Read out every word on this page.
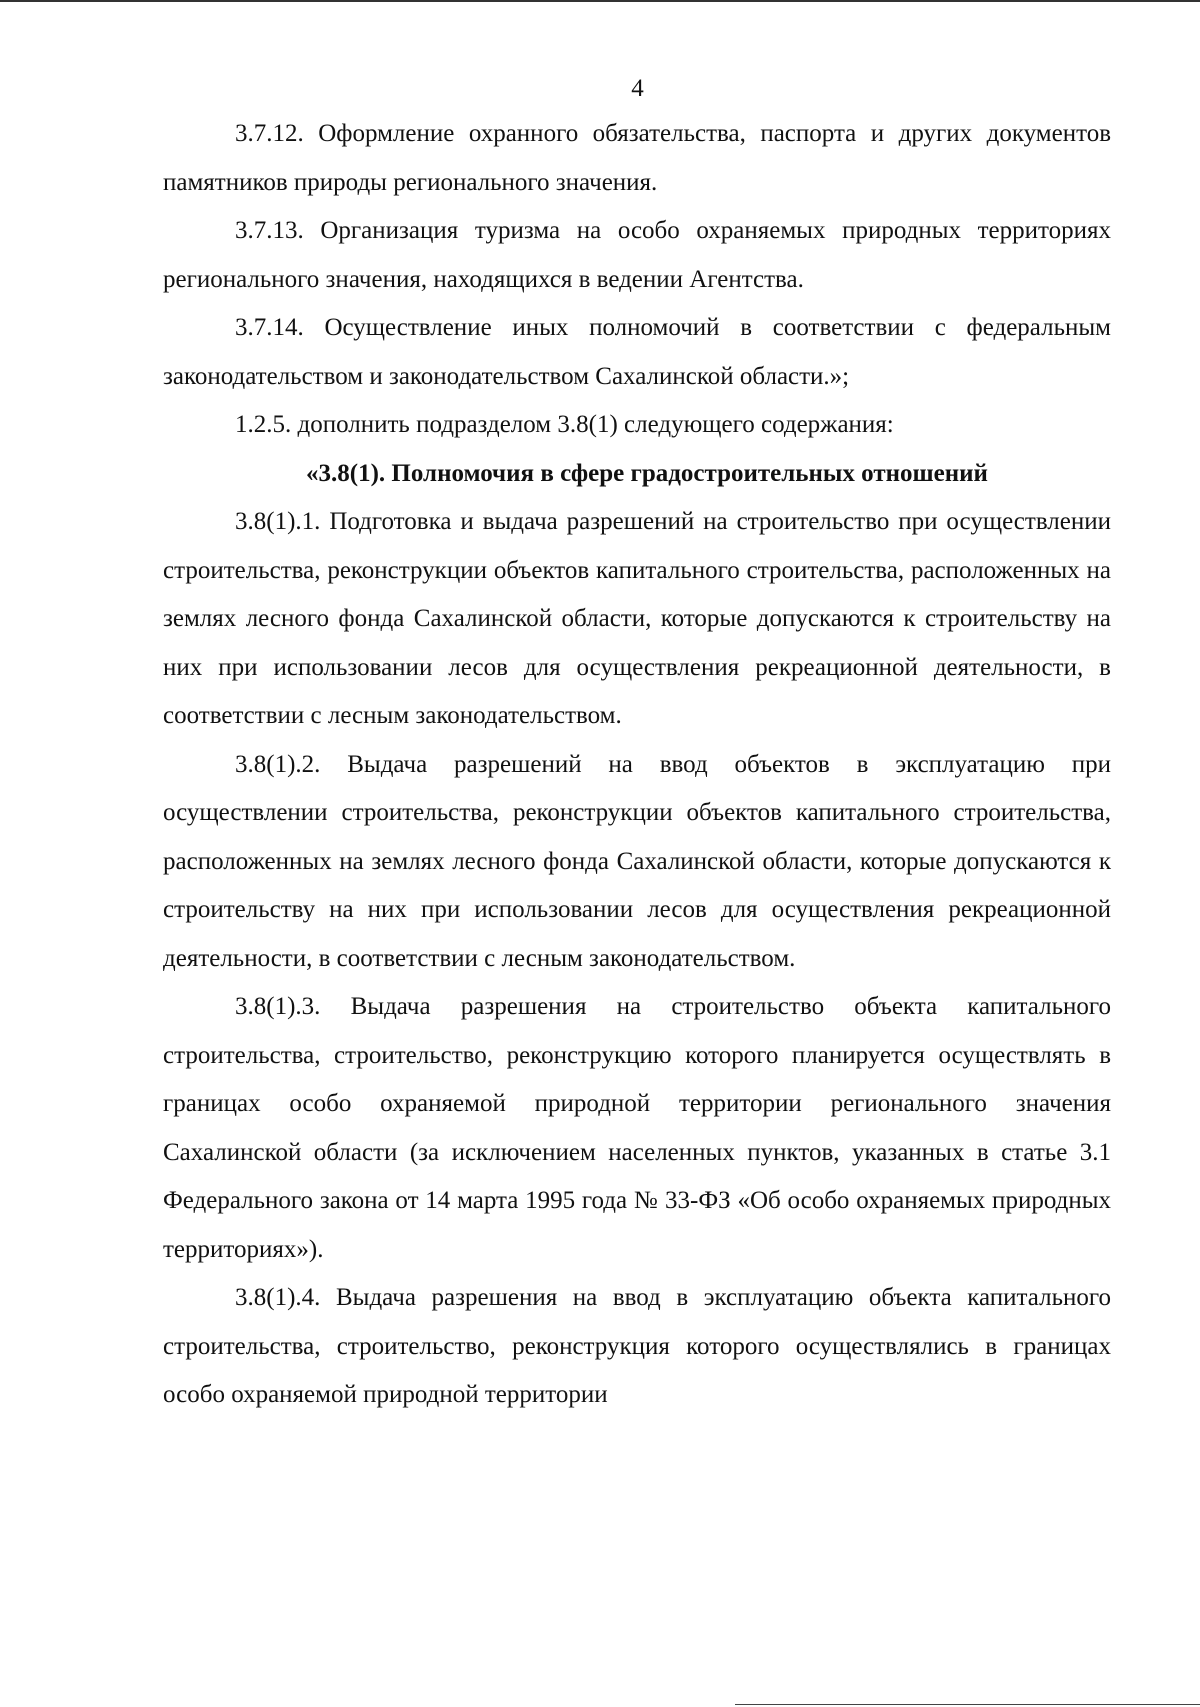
4

3.7.12. Оформление охранного обязательства, паспорта и других документов памятников природы регионального значения.

3.7.13. Организация туризма на особо охраняемых природных территориях регионального значения, находящихся в ведении Агентства.

3.7.14. Осуществление иных полномочий в соответствии с федеральным законодательством и законодательством Сахалинской области.»;

1.2.5. дополнить подразделом 3.8(1) следующего содержания:

«3.8(1). Полномочия в сфере градостроительных отношений

3.8(1).1. Подготовка и выдача разрешений на строительство при осуществлении строительства, реконструкции объектов капитального строительства, расположенных на землях лесного фонда Сахалинской области, которые допускаются к строительству на них при использовании лесов для осуществления рекреационной деятельности, в соответствии с лесным законодательством.

3.8(1).2. Выдача разрешений на ввод объектов в эксплуатацию при осуществлении строительства, реконструкции объектов капитального строительства, расположенных на землях лесного фонда Сахалинской области, которые допускаются к строительству на них при использовании лесов для осуществления рекреационной деятельности, в соответствии с лесным законодательством.

3.8(1).3. Выдача разрешения на строительство объекта капитального строительства, строительство, реконструкцию которого планируется осуществлять в границах особо охраняемой природной территории регионального значения Сахалинской области (за исключением населенных пунктов, указанных в статье 3.1 Федерального закона от 14 марта 1995 года № 33-ФЗ «Об особо охраняемых природных территориях»).

3.8(1).4. Выдача разрешения на ввод в эксплуатацию объекта капитального строительства, строительство, реконструкция которого осуществлялись в границах особо охраняемой природной территории
